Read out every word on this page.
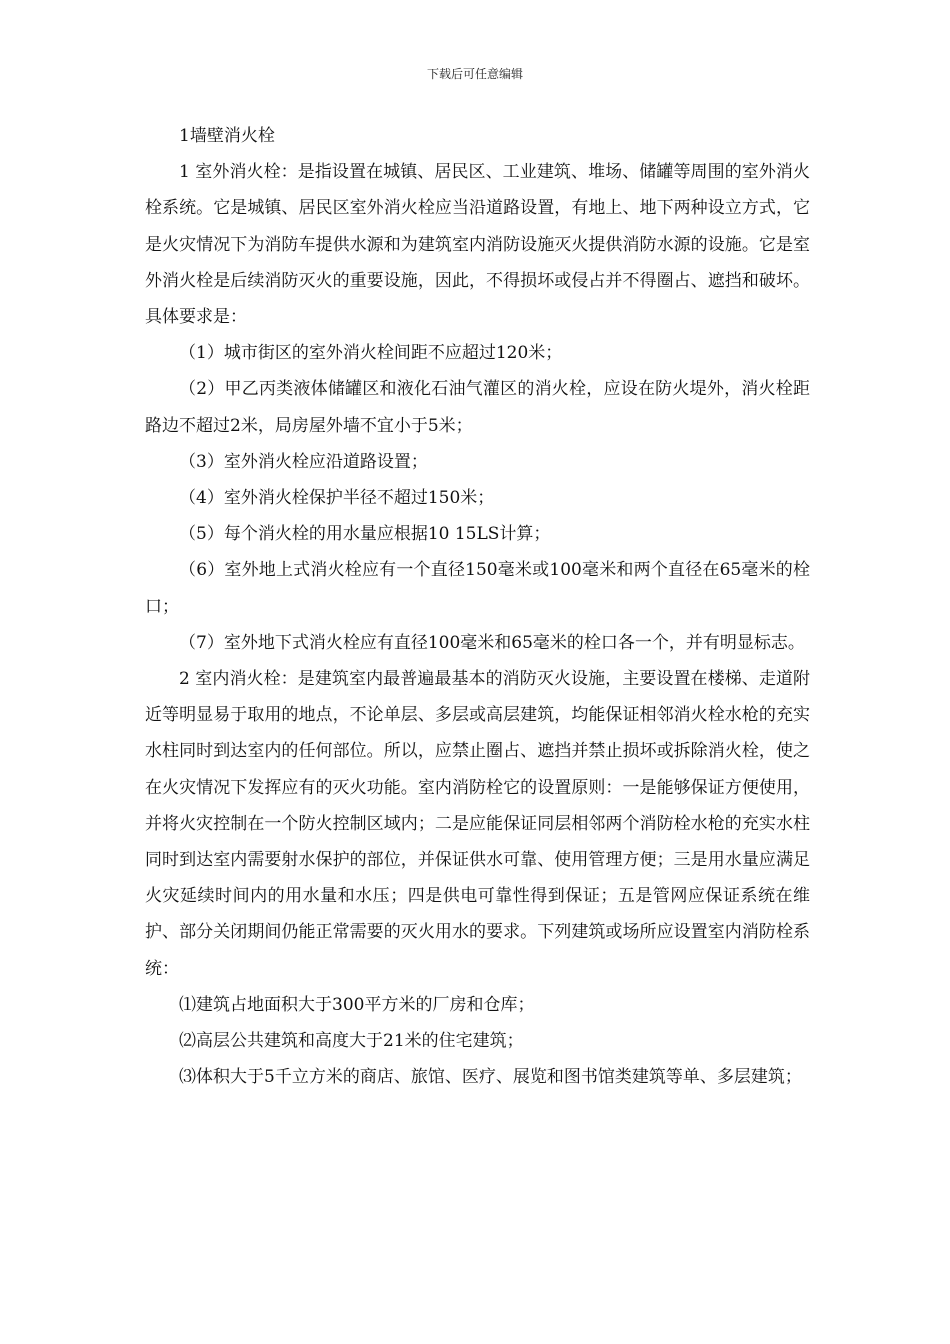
下载后可任意编辑

1墙壁消火栓

1 室外消火栓：是指设置在城镇、居民区、工业建筑、堆场、储罐等周围的室外消火栓系统。它是城镇、居民区室外消火栓应当沿道路设置，有地上、地下两种设立方式，它是火灾情况下为消防车提供水源和为建筑室内消防设施灭火提供消防水源的设施。它是室外消火栓是后续消防灭火的重要设施，因此，不得损坏或侵占并不得圈占、遮挡和破坏。具体要求是：

（1）城市街区的室外消火栓间距不应超过120米；

（2）甲乙丙类液体储罐区和液化石油气灌区的消火栓，应设在防火堤外，消火栓距路边不超过2米，局房屋外墙不宜小于5米；

（3）室外消火栓应沿道路设置；

（4）室外消火栓保护半径不超过150米；

（5）每个消火栓的用水量应根据10 15LS计算；

（6）室外地上式消火栓应有一个直径150毫米或100毫米和两个直径在65毫米的栓口；

（7）室外地下式消火栓应有直径100毫米和65毫米的栓口各一个，并有明显标志。

2 室内消火栓：是建筑室内最普遍最基本的消防灭火设施，主要设置在楼梯、走道附近等明显易于取用的地点，不论单层、多层或高层建筑，均能保证相邻消火栓水枪的充实水柱同时到达室内的任何部位。所以，应禁止圈占、遮挡并禁止损坏或拆除消火栓，使之在火灾情况下发挥应有的灭火功能。室内消防栓它的设置原则：一是能够保证方便使用，并将火灾控制在一个防火控制区域内；二是应能保证同层相邻两个消防栓水枪的充实水柱同时到达室内需要射水保护的部位，并保证供水可靠、使用管理方便；三是用水量应满足火灾延续时间内的用水量和水压；四是供电可靠性得到保证；五是管网应保证系统在维护、部分关闭期间仍能正常需要的灭火用水的要求。下列建筑或场所应设置室内消防栓系统：

⑴建筑占地面积大于300平方米的厂房和仓库；

⑵高层公共建筑和高度大于21米的住宅建筑；

⑶体积大于5千立方米的商店、旅馆、医疗、展览和图书馆类建筑等单、多层建筑；
